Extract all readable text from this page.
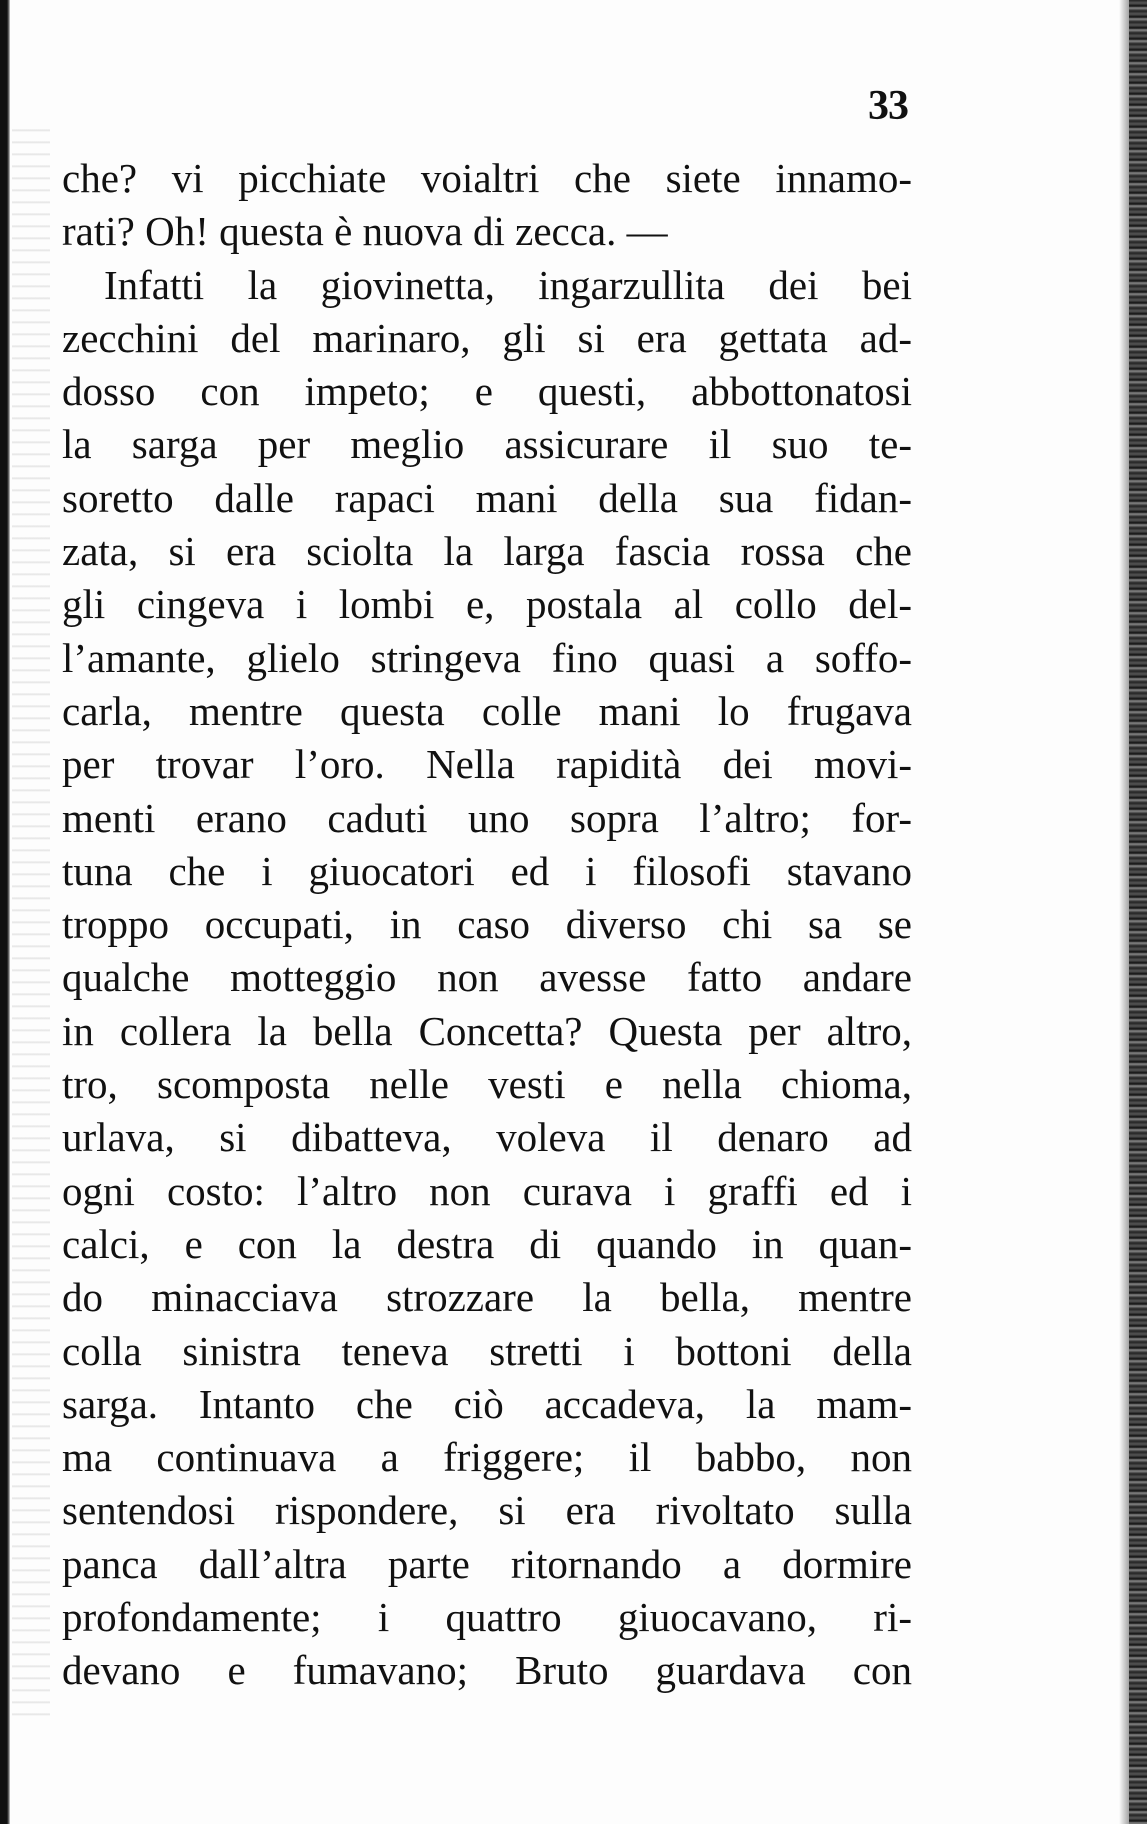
33
che? vi picchiate voialtri che siete innamo-
rati? Oh! questa è nuova di zecca. —
Infatti la giovinetta, ingarzullita dei bei
zecchini del marinaro, gli si era gettata ad-
dosso con impeto; e questi, abbottonatosi
la sarga per meglio assicurare il suo te-
soretto dalle rapaci mani della sua fidan-
zata, si era sciolta la larga fascia rossa che
gli cingeva i lombi e, postala al collo del-
l’amante, glielo stringeva fino quasi a soffo-
carla, mentre questa colle mani lo frugava
per trovar l’oro. Nella rapidità dei movi-
menti erano caduti uno sopra l’altro; for-
tuna che i giuocatori ed i filosofi stavano
troppo occupati, in caso diverso chi sa se
qualche motteggio non avesse fatto andare
in collera la bella Concetta? Questa per altro,
tro, scomposta nelle vesti e nella chioma,
urlava, si dibatteva, voleva il denaro ad
ogni costo: l’altro non curava i graffi ed i
calci, e con la destra di quando in quan-
do minacciava strozzare la bella, mentre
colla sinistra teneva stretti i bottoni della
sarga. Intanto che ciò accadeva, la mam-
ma continuava a friggere; il babbo, non
sentendosi rispondere, si era rivoltato sulla
panca dall’altra parte ritornando a dormire
profondamente; i quattro giuocavano, ri-
devano e fumavano; Bruto guardava con
